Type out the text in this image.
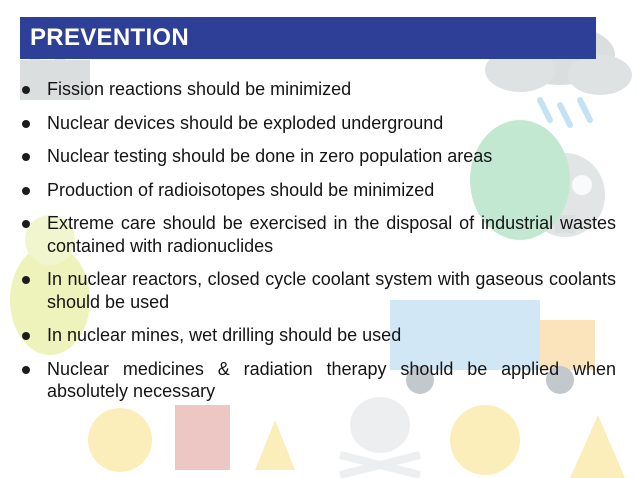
PREVENTION
Fission reactions should be minimized
Nuclear devices should be exploded underground
Nuclear testing should be done in zero population areas
Production of radioisotopes should be minimized
Extreme care should be exercised in the disposal of industrial wastes contained with radionuclides
In nuclear reactors, closed cycle coolant system with gaseous coolants should be used
In nuclear mines, wet drilling should be used
Nuclear medicines & radiation therapy should be applied when absolutely necessary
